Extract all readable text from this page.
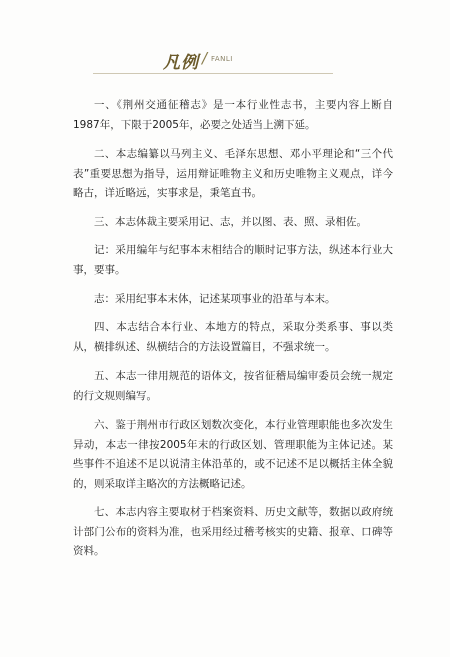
凡例 / FANLI

一、《荆州交通征稽志》是一本行业性志书，主要内容上断自1987年，下限于2005年，必要之处适当上溯下延。

二、本志编纂以马列主义、毛泽东思想、邓小平理论和“三个代表”重要思想为指导，运用辩证唯物主义和历史唯物主义观点，详今略古，详近略远，实事求是，秉笔直书。

三、本志体裁主要采用记、志，并以图、表、照、录相佐。

记：采用编年与纪事本末相结合的顺时记事方法，纵述本行业大事，要事。

志：采用纪事本末体，记述某项事业的沿革与本末。

四、本志结合本行业、本地方的特点，采取分类系事、事以类从，横排纵述、纵横结合的方法设置篇目，不强求统一。

五、本志一律用规范的语体文，按省征稽局编审委员会统一规定的行文规则编写。

六、鉴于荆州市行政区划数次变化，本行业管理职能也多次发生异动，本志一律按2005年末的行政区划、管理职能为主体记述。某些事件不追述不足以说清主体沿革的，或不记述不足以概括主体全貌的，则采取详主略次的方法概略记述。

七、本志内容主要取材于档案资料、历史文献等，数据以政府统计部门公布的资料为准，也采用经过稽考核实的史籍、报章、口碑等资料。
